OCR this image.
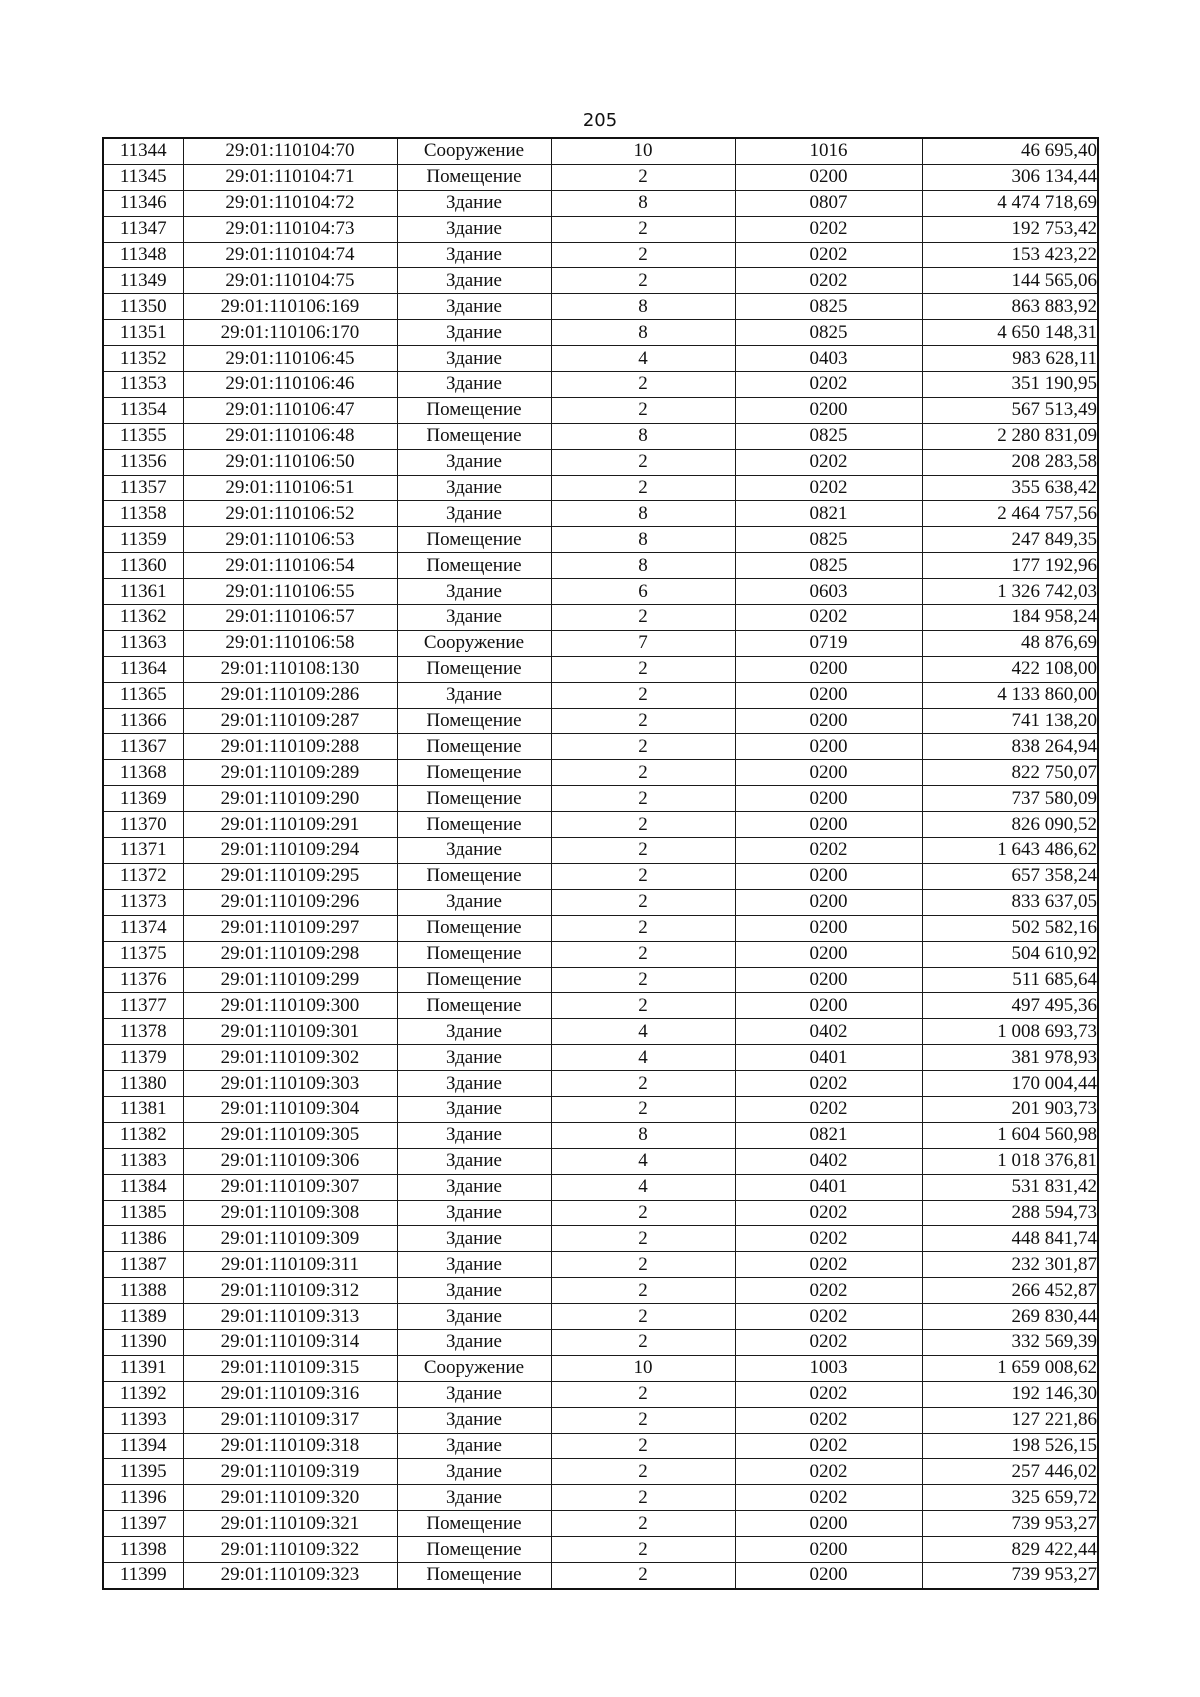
205
11344	29:01:110104:70	Сооружение	10	1016	46 695,40
11345	29:01:110104:71	Помещение	2	0200	306 134,44
11346	29:01:110104:72	Здание	8	0807	4 474 718,69
11347	29:01:110104:73	Здание	2	0202	192 753,42
11348	29:01:110104:74	Здание	2	0202	153 423,22
11349	29:01:110104:75	Здание	2	0202	144 565,06
11350	29:01:110106:169	Здание	8	0825	863 883,92
11351	29:01:110106:170	Здание	8	0825	4 650 148,31
11352	29:01:110106:45	Здание	4	0403	983 628,11
11353	29:01:110106:46	Здание	2	0202	351 190,95
11354	29:01:110106:47	Помещение	2	0200	567 513,49
11355	29:01:110106:48	Помещение	8	0825	2 280 831,09
11356	29:01:110106:50	Здание	2	0202	208 283,58
11357	29:01:110106:51	Здание	2	0202	355 638,42
11358	29:01:110106:52	Здание	8	0821	2 464 757,56
11359	29:01:110106:53	Помещение	8	0825	247 849,35
11360	29:01:110106:54	Помещение	8	0825	177 192,96
11361	29:01:110106:55	Здание	6	0603	1 326 742,03
11362	29:01:110106:57	Здание	2	0202	184 958,24
11363	29:01:110106:58	Сооружение	7	0719	48 876,69
11364	29:01:110108:130	Помещение	2	0200	422 108,00
11365	29:01:110109:286	Здание	2	0200	4 133 860,00
11366	29:01:110109:287	Помещение	2	0200	741 138,20
11367	29:01:110109:288	Помещение	2	0200	838 264,94
11368	29:01:110109:289	Помещение	2	0200	822 750,07
11369	29:01:110109:290	Помещение	2	0200	737 580,09
11370	29:01:110109:291	Помещение	2	0200	826 090,52
11371	29:01:110109:294	Здание	2	0202	1 643 486,62
11372	29:01:110109:295	Помещение	2	0200	657 358,24
11373	29:01:110109:296	Здание	2	0200	833 637,05
11374	29:01:110109:297	Помещение	2	0200	502 582,16
11375	29:01:110109:298	Помещение	2	0200	504 610,92
11376	29:01:110109:299	Помещение	2	0200	511 685,64
11377	29:01:110109:300	Помещение	2	0200	497 495,36
11378	29:01:110109:301	Здание	4	0402	1 008 693,73
11379	29:01:110109:302	Здание	4	0401	381 978,93
11380	29:01:110109:303	Здание	2	0202	170 004,44
11381	29:01:110109:304	Здание	2	0202	201 903,73
11382	29:01:110109:305	Здание	8	0821	1 604 560,98
11383	29:01:110109:306	Здание	4	0402	1 018 376,81
11384	29:01:110109:307	Здание	4	0401	531 831,42
11385	29:01:110109:308	Здание	2	0202	288 594,73
11386	29:01:110109:309	Здание	2	0202	448 841,74
11387	29:01:110109:311	Здание	2	0202	232 301,87
11388	29:01:110109:312	Здание	2	0202	266 452,87
11389	29:01:110109:313	Здание	2	0202	269 830,44
11390	29:01:110109:314	Здание	2	0202	332 569,39
11391	29:01:110109:315	Сооружение	10	1003	1 659 008,62
11392	29:01:110109:316	Здание	2	0202	192 146,30
11393	29:01:110109:317	Здание	2	0202	127 221,86
11394	29:01:110109:318	Здание	2	0202	198 526,15
11395	29:01:110109:319	Здание	2	0202	257 446,02
11396	29:01:110109:320	Здание	2	0202	325 659,72
11397	29:01:110109:321	Помещение	2	0200	739 953,27
11398	29:01:110109:322	Помещение	2	0200	829 422,44
11399	29:01:110109:323	Помещение	2	0200	739 953,27
